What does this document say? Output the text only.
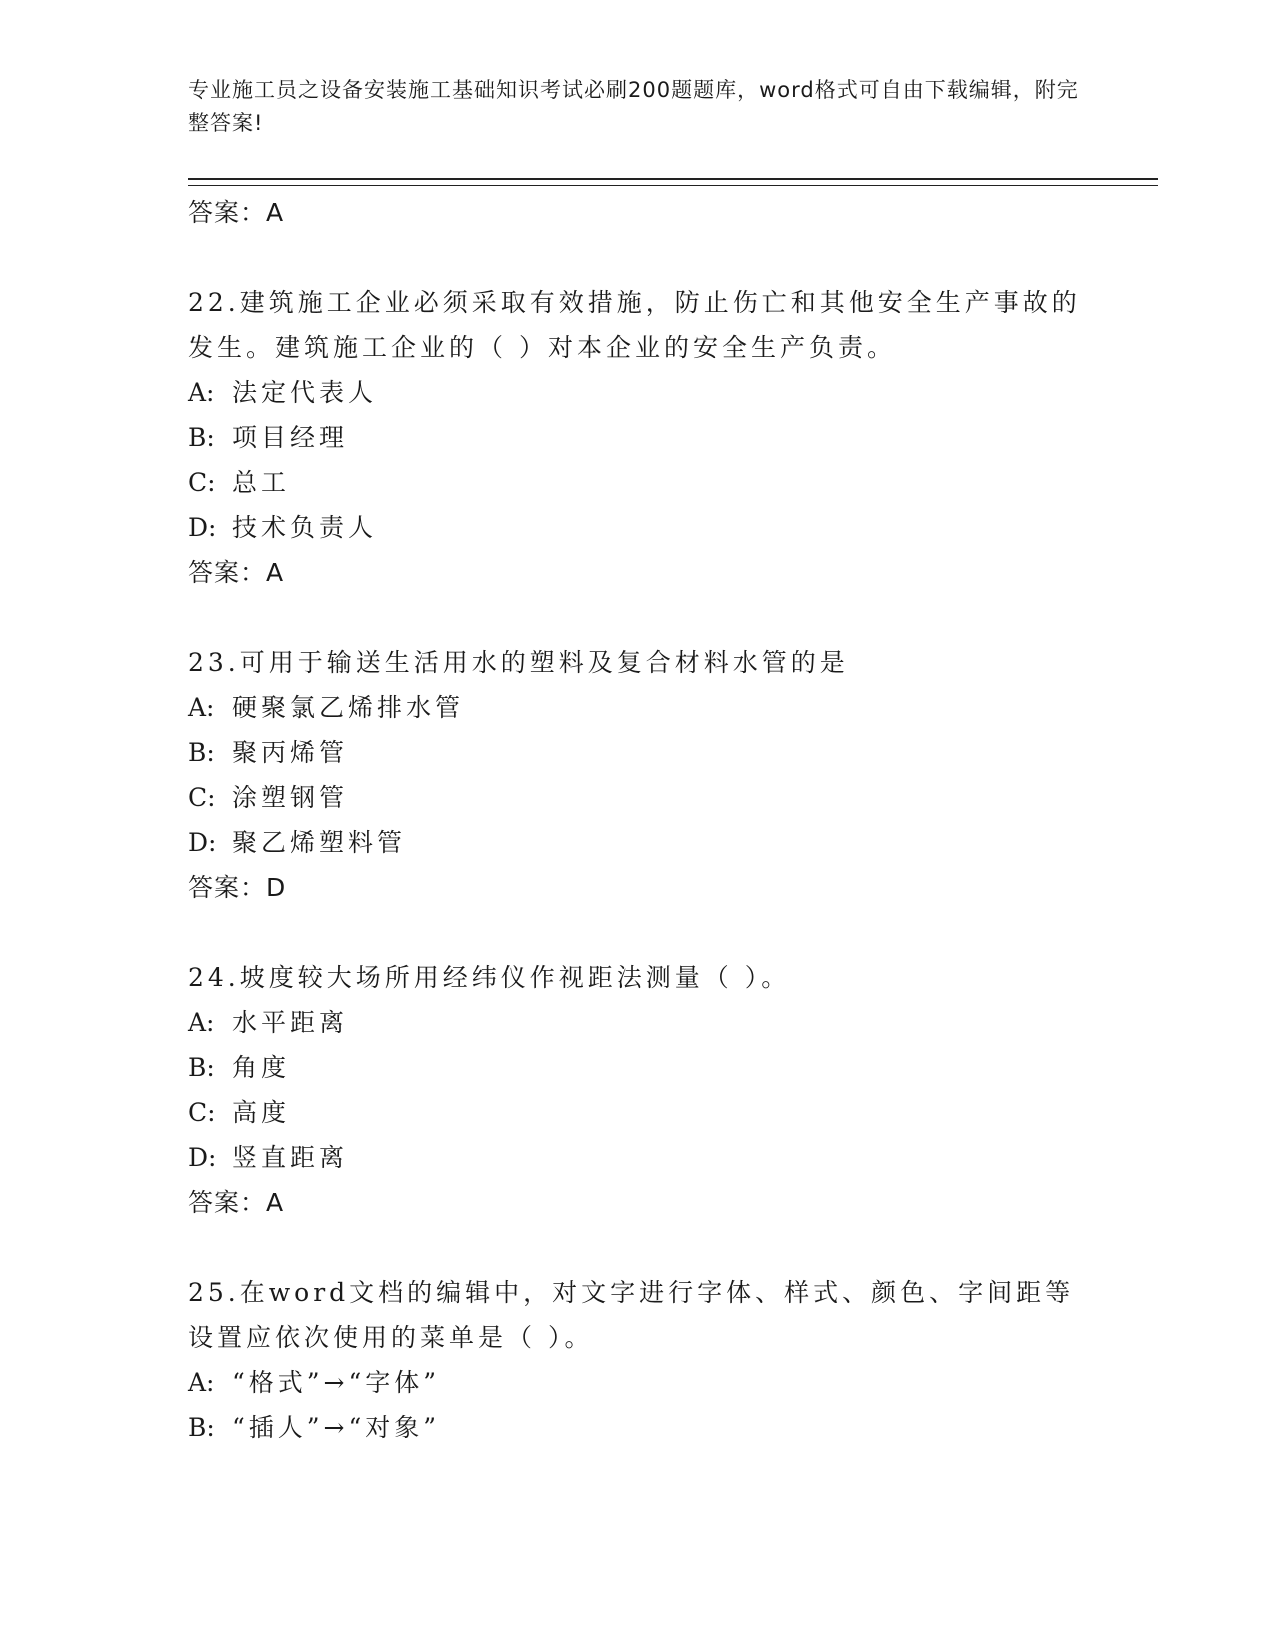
专业施工员之设备安装施工基础知识考试必刷200题题库，word格式可自由下载编辑，附完整答案!
答案：A
22.建筑施工企业必须采取有效措施，防止伤亡和其他安全生产事故的发生。建筑施工企业的（ ）对本企业的安全生产负责。
A: 法定代表人
B: 项目经理
C: 总工
D: 技术负责人
答案：A
23.可用于输送生活用水的塑料及复合材料水管的是
A: 硬聚氯乙烯排水管
B: 聚丙烯管
C: 涂塑钢管
D: 聚乙烯塑料管
答案：D
24.坡度较大场所用经纬仪作视距法测量（ ）。
A: 水平距离
B: 角度
C: 高度
D: 竖直距离
答案：A
25.在word文档的编辑中，对文字进行字体、样式、颜色、字间距等设置应依次使用的菜单是（ ）。
A: “格式”→“字体”
B: “插人”→“对象”
